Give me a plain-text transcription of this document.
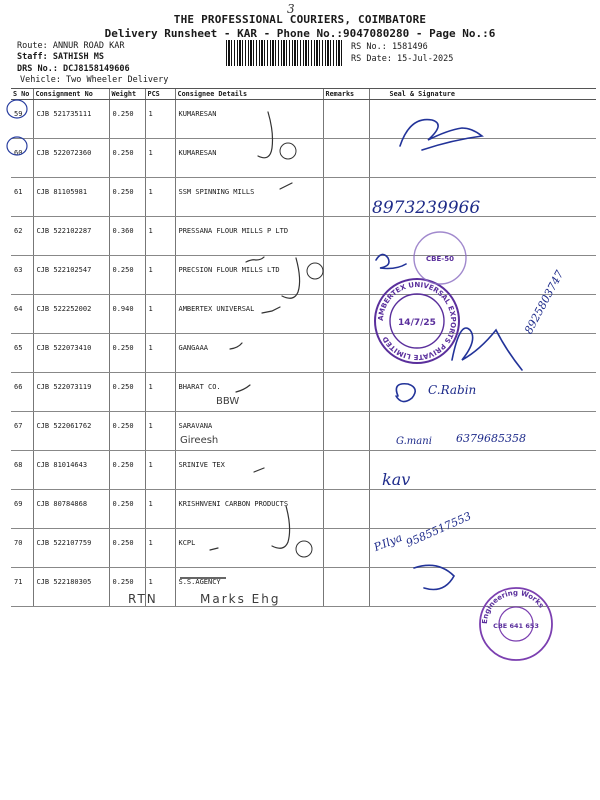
3
THE PROFESSIONAL COURIERS, COIMBATORE
Delivery Runsheet - KAR - Phone No.:9047080280 - Page No.:6
Route: ANNUR ROAD KAR
Staff: SATHISH MS
DRS No.: DCJ8158149606
Vehicle: Two Wheeler Delivery
RS No.: 1581496
RS Date: 15-Jul-2025
S No	Consignment No	Weight	PCS	Consignee Details	Remarks	Seal & Signature
59	CJB 521735111	0.250	1	KUMARESAN		
60	CJB 522072360	0.250	1	KUMARESAN		
61	CJB 81105981	0.250	1	SSM SPINNING MILLS		
62	CJB 522102287	0.360	1	PRESSANA FLOUR MILLS P LTD		
63	CJB 522102547	0.250	1	PRECSION FLOUR MILLS LTD		
64	CJB 522252002	0.940	1	AMBERTEX UNIVERSAL		
65	CJB 522073410	0.250	1	GANGAAA		
66	CJB 522073119	0.250	1	BHARAT CO.		
67	CJB 522061762	0.250	1	SARAVANA		
68	CJB 81014643	0.250	1	SRINIVE TEX		
69	CJB 80784868	0.250	1	KRISHNVENI CARBON PRODUCTS		
70	CJB 522107759	0.250	1	KCPL		
71	CJB 522180305	0.250	1	S.S.AGENCY		
8973239966
8925803747
C.Rabin
G.mani 6379685358
kav
P.Ilya 9585517553
RTN	Marks Ehg
AMBERTEX UNIVERSAL EXPORTS PRIVATE LIMITED
14/7/25
CBE-50
Engineering Works
CBE 641 653
BBW
Gireesh
